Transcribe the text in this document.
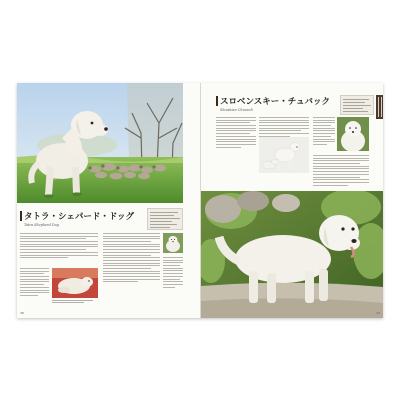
タトラ・シェパード・ドッグ
Tatra Shepherd Dog
48
スロベンスキー・チュバック
Slovakian Chuvach
49
